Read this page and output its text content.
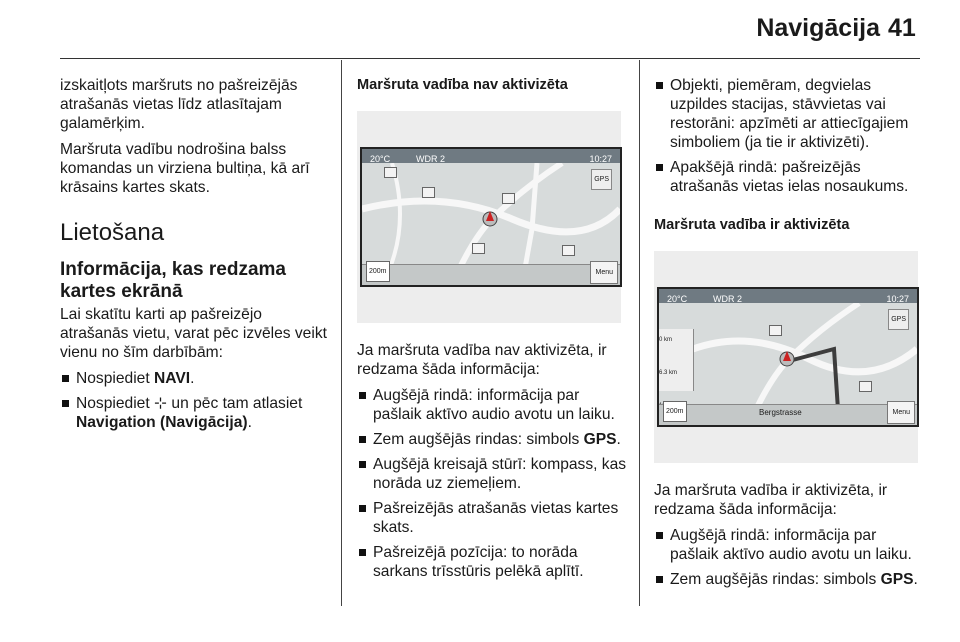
Navigācija 41

izskaitļots maršruts no pašreizējās atrašanās vietas līdz atlasītajam galamērķim.

Maršruta vadību nodrošina balss komandas un virziena bultiņa, kā arī krāsains kartes skats.

Lietošana
Informācija, kas redzama kartes ekrānā

Lai skatītu karti ap pašreizējo atrašanās vietu, varat pēc izvēles veikt vienu no šīm darbībām:

Nospiediet NAVI.
Nospiediet ⊹ un pēc tam atlasiet Navigation (Navigācija).
Maršruta vadība nav aktivizēta
20°C	WDR 2	10:27
GPS
200m	Menu

Ja maršruta vadība nav aktivizēta, ir redzama šāda informācija:

Augšējā rindā: informācija par pašlaik aktīvo audio avotu un laiku.
Zem augšējās rindas: simbols GPS.
Augšējā kreisajā stūrī: kompass, kas norāda uz ziemeļiem.
Pašreizējās atrašanās vietas kartes skats.
Pašreizējā pozīcija: to norāda sarkans trīsstūris pelēkā aplītī.
Objekti, piemēram, degvielas uzpildes stacijas, stāvvietas vai restorāni: apzīmēti ar attiecīgajiem simboliem (ja tie ir aktivizēti).
Apakšējā rindā: pašreizējās atrašanās vietas ielas nosaukums.
Maršruta vadība ir aktivizēta
20°C	WDR 2	10:27
GPS
0 km
6.3 km
200m	Bergstrasse	Menu

Ja maršruta vadība ir aktivizēta, ir redzama šāda informācija:

Augšējā rindā: informācija par pašlaik aktīvo audio avotu un laiku.
Zem augšējās rindas: simbols GPS.
